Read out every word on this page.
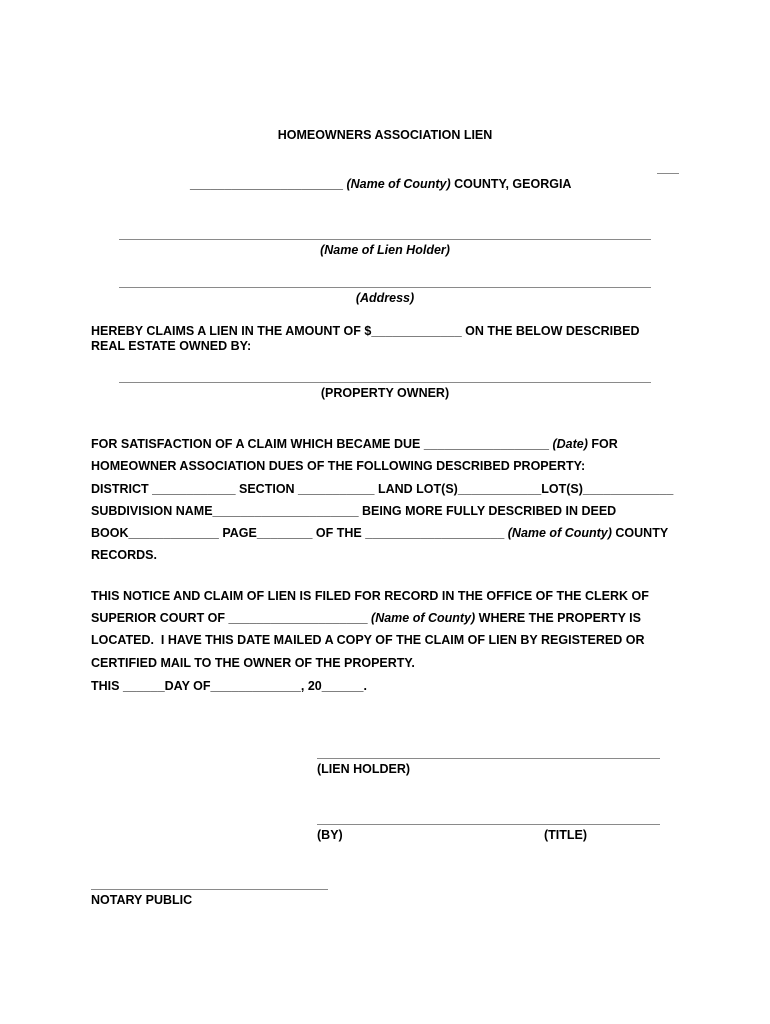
HOMEOWNERS ASSOCIATION LIEN
______________________ (Name of County) COUNTY, GEORGIA
(Name of Lien Holder)
(Address)
HEREBY CLAIMS A LIEN IN THE AMOUNT OF $_____________ ON THE BELOW DESCRIBED
REAL ESTATE OWNED BY:
(PROPERTY OWNER)
FOR SATISFACTION OF A CLAIM WHICH BECAME DUE __________________ (Date) FOR
HOMEOWNER ASSOCIATION DUES OF THE FOLLOWING DESCRIBED PROPERTY:
DISTRICT ____________ SECTION ___________ LAND LOT(S)____________LOT(S)_____________
SUBDIVISION NAME_____________________ BEING MORE FULLY DESCRIBED IN DEED
BOOK_____________ PAGE________ OF THE ____________________ (Name of County) COUNTY
RECORDS.
THIS NOTICE AND CLAIM OF LIEN IS FILED FOR RECORD IN THE OFFICE OF THE CLERK OF
SUPERIOR COURT OF ____________________ (Name of County) WHERE THE PROPERTY IS
LOCATED.  I HAVE THIS DATE MAILED A COPY OF THE CLAIM OF LIEN BY REGISTERED OR
CERTIFIED MAIL TO THE OWNER OF THE PROPERTY.
THIS ______DAY OF_____________, 20______.
(LIEN HOLDER)
(BY)	(TITLE)
NOTARY PUBLIC
